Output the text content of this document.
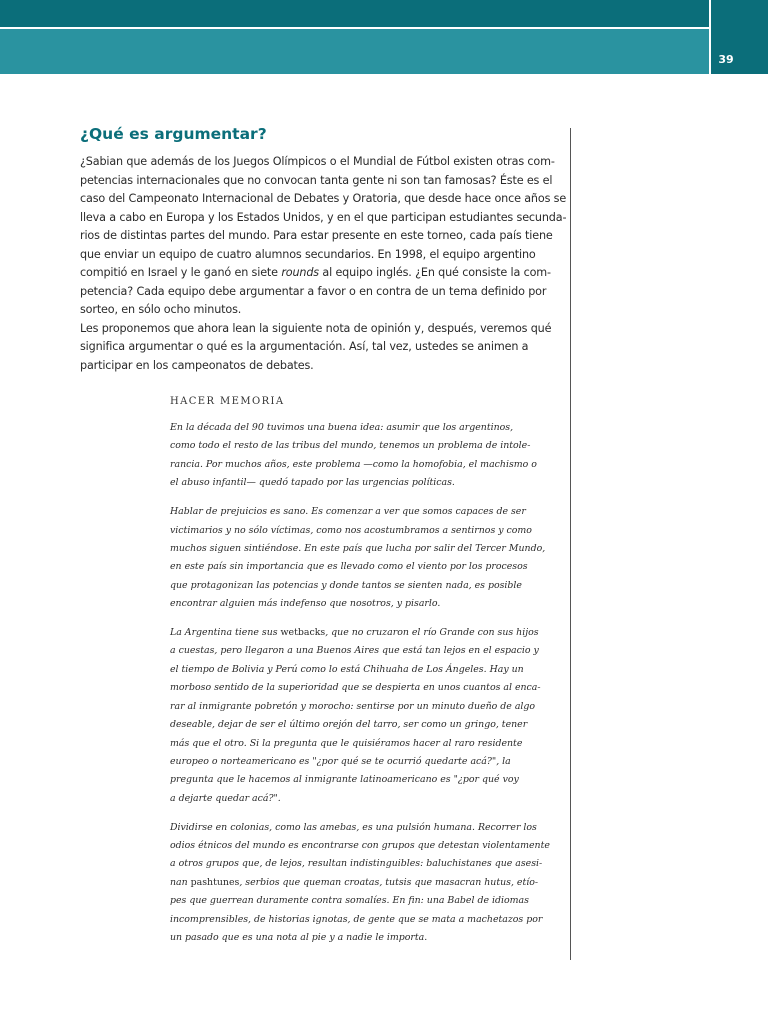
39
¿Qué es argumentar?
¿Sabian que además de los Juegos Olímpicos o el Mundial de Fútbol existen otras com-
petencias internacionales que no convocan tanta gente ni son tan famosas? Éste es el
caso del Campeonato Internacional de Debates y Oratoria, que desde hace once años se
lleva a cabo en Europa y los Estados Unidos, y en el que participan estudiantes secunda-
rios de distintas partes del mundo. Para estar presente en este torneo, cada país tiene
que enviar un equipo de cuatro alumnos secundarios. En 1998, el equipo argentino
compitió en Israel y le ganó en siete rounds al equipo inglés. ¿En qué consiste la com-
petencia? Cada equipo debe argumentar a favor o en contra de un tema definido por
sorteo, en sólo ocho minutos.
Les proponemos que ahora lean la siguiente nota de opinión y, después, veremos qué
significa argumentar o qué es la argumentación. Así, tal vez, ustedes se animen a
participar en los campeonatos de debates.
HACER MEMORIA
En la década del 90 tuvimos una buena idea: asumir que los argentinos,
como todo el resto de las tribus del mundo, tenemos un problema de intole-
rancia. Por muchos años, este problema —como la homofobia, el machismo o
el abuso infantil— quedó tapado por las urgencias políticas.
Hablar de prejuicios es sano. Es comenzar a ver que somos capaces de ser
victimarios y no sólo víctimas, como nos acostumbramos a sentirnos y como
muchos siguen sintiéndose. En este país que lucha por salir del Tercer Mundo,
en este país sin importancia que es llevado como el viento por los procesos
que protagonizan las potencias y donde tantos se sienten nada, es posible
encontrar alguien más indefenso que nosotros, y pisarlo.
La Argentina tiene sus wetbacks, que no cruzaron el río Grande con sus hijos
a cuestas, pero llegaron a una Buenos Aires que está tan lejos en el espacio y
el tiempo de Bolivia y Perú como lo está Chihuaha de Los Ángeles. Hay un
morboso sentido de la superioridad que se despierta en unos cuantos al enca-
rar al inmigrante pobretón y morocho: sentirse por un minuto dueño de algo
deseable, dejar de ser el último orejón del tarro, ser como un gringo, tener
más que el otro. Si la pregunta que le quisiéramos hacer al raro residente
europeo o norteamericano es "¿por qué se te ocurrió quedarte acá?", la
pregunta que le hacemos al inmigrante latinoamericano es "¿por qué voy
a dejarte quedar acá?".
Dividirse en colonias, como las amebas, es una pulsión humana. Recorrer los
odios étnicos del mundo es encontrarse con grupos que detestan violentamente
a otros grupos que, de lejos, resultan indistinguibles: baluchistanes que asesi-
nan pashtunes, serbios que queman croatas, tutsis que masacran hutus, etío-
pes que guerrean duramente contra somalíes. En fin: una Babel de idiomas
incomprensibles, de historias ignotas, de gente que se mata a machetazos por
un pasado que es una nota al pie y a nadie le importa.
